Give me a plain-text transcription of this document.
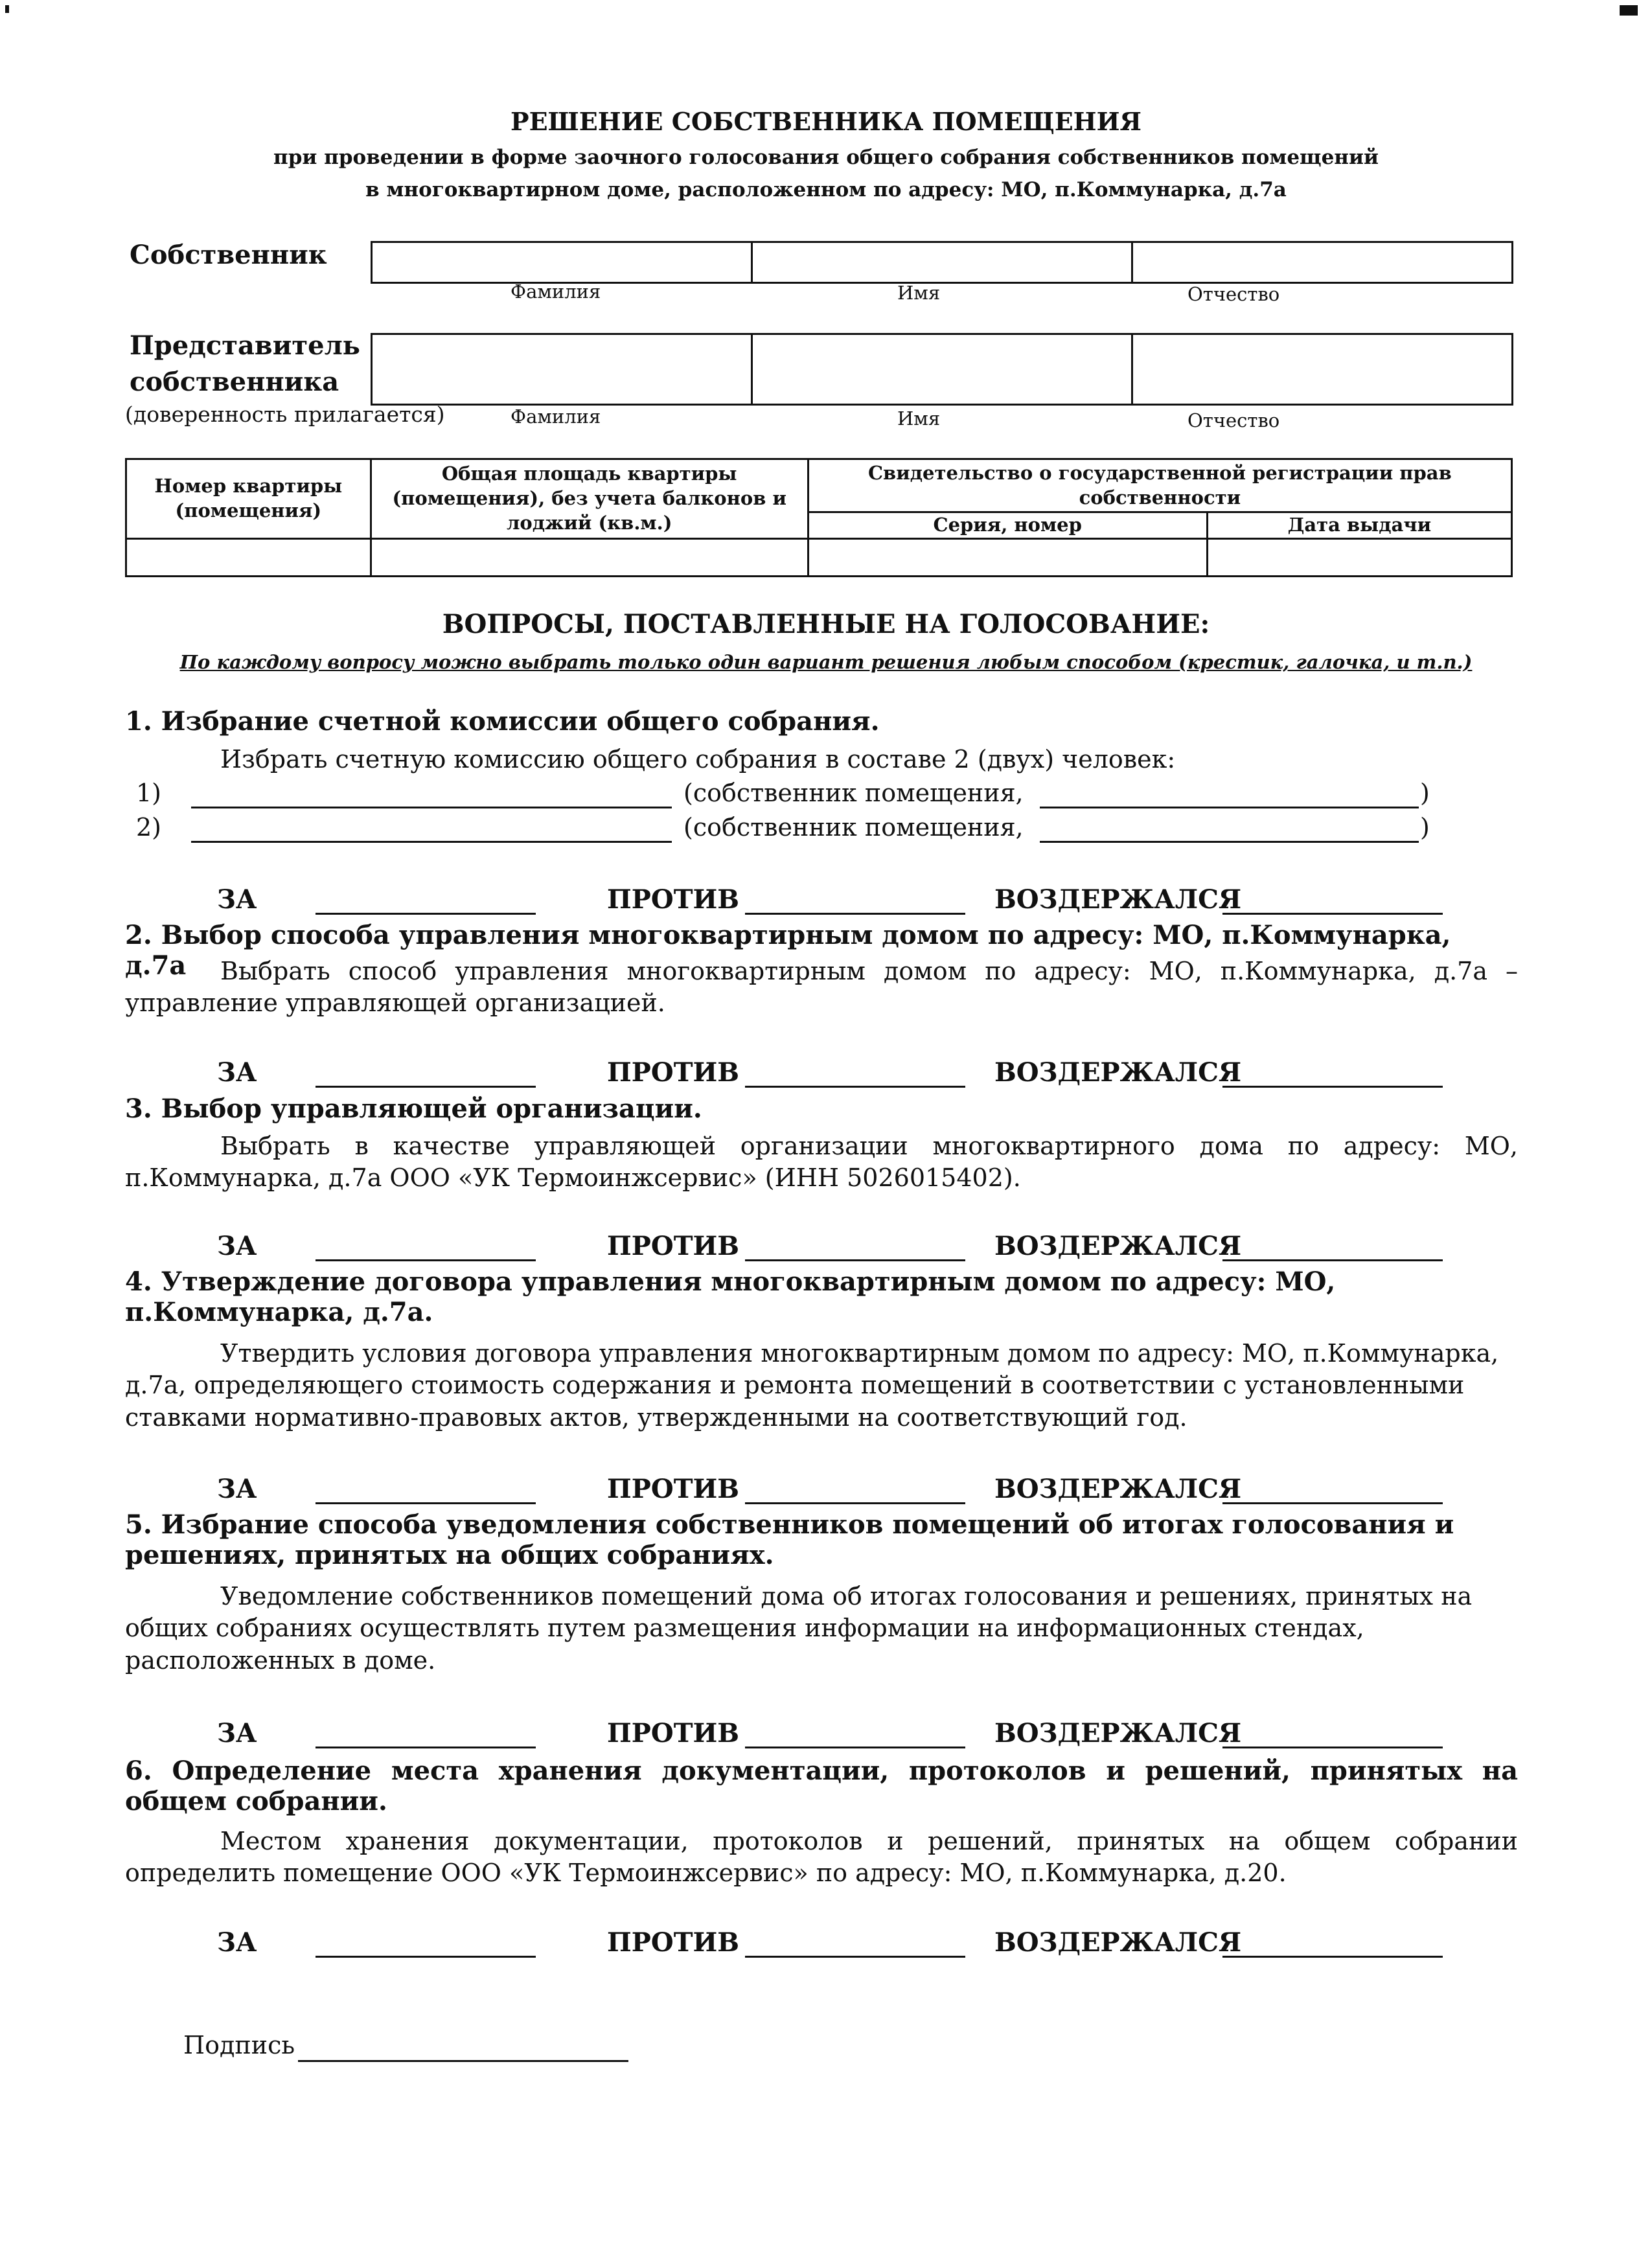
РЕШЕНИЕ СОБСТВЕННИКА ПОМЕЩЕНИЯ
при проведении в форме заочного голосования общего собрания собственников помещений
в многоквартирном доме, расположенном по адресу: МО, п.Коммунарка, д.7а
Собственник
Фамилия	Имя	Отчество
Представитель
собственника
(доверенность прилагается)	Фамилия	Имя	Отчество
Номер квартиры (помещения)	Общая площадь квартиры (помещения), без учета балконов и лоджий (кв.м.)	Свидетельство о государственной регистрации прав собственности	
		Серия, номер	Дата выдачи

ВОПРОСЫ, ПОСТАВЛЕННЫЕ НА ГОЛОСОВАНИЕ:
По каждому вопросу можно выбрать только один вариант решения любым способом (крестик, галочка, и т.п.)
1. Избрание счетной комиссии общего собрания.
Избрать счетную комиссию общего собрания в составе 2 (двух) человек:
1)	(собственник помещения,	)
2)	(собственник помещения,	)
ЗА	ПРОТИВ	ВОЗДЕРЖАЛСЯ
2. Выбор способа управления многоквартирным домом по адресу: МО, п.Коммунарка, д.7а	Выбрать способ управления многоквартирным домом по адресу: МО, п.Коммунарка, д.7а – управление управляющей организацией.
ЗА	ПРОТИВ	ВОЗДЕРЖАЛСЯ
3. Выбор управляющей организации.
Выбрать в качестве управляющей организации многоквартирного дома по адресу: МО, п.Коммунарка, д.7а ООО «УК Термоинжсервис» (ИНН 5026015402).
ЗА	ПРОТИВ	ВОЗДЕРЖАЛСЯ
4. Утверждение договора управления многоквартирным домом по адресу: МО, п.Коммунарка, д.7а.
Утвердить условия договора управления многоквартирным домом по адресу: МО, п.Коммунарка, д.7а, определяющего стоимость содержания и ремонта помещений в соответствии с установленными ставками нормативно-правовых актов, утвержденными на соответствующий год.
ЗА	ПРОТИВ	ВОЗДЕРЖАЛСЯ
5. Избрание способа уведомления собственников помещений об итогах голосования и решениях, принятых на общих собраниях.
Уведомление собственников помещений дома об итогах голосования и решениях, принятых на общих собраниях осуществлять путем размещения информации на информационных стендах, расположенных в доме.
ЗА	ПРОТИВ	ВОЗДЕРЖАЛСЯ
6. Определение места хранения документации, протоколов и решений, принятых на общем собрании.
Местом хранения документации, протоколов и решений, принятых на общем собрании определить помещение ООО «УК Термоинжсервис» по адресу: МО, п.Коммунарка, д.20.
ЗА	ПРОТИВ	ВОЗДЕРЖАЛСЯ
Подпись
